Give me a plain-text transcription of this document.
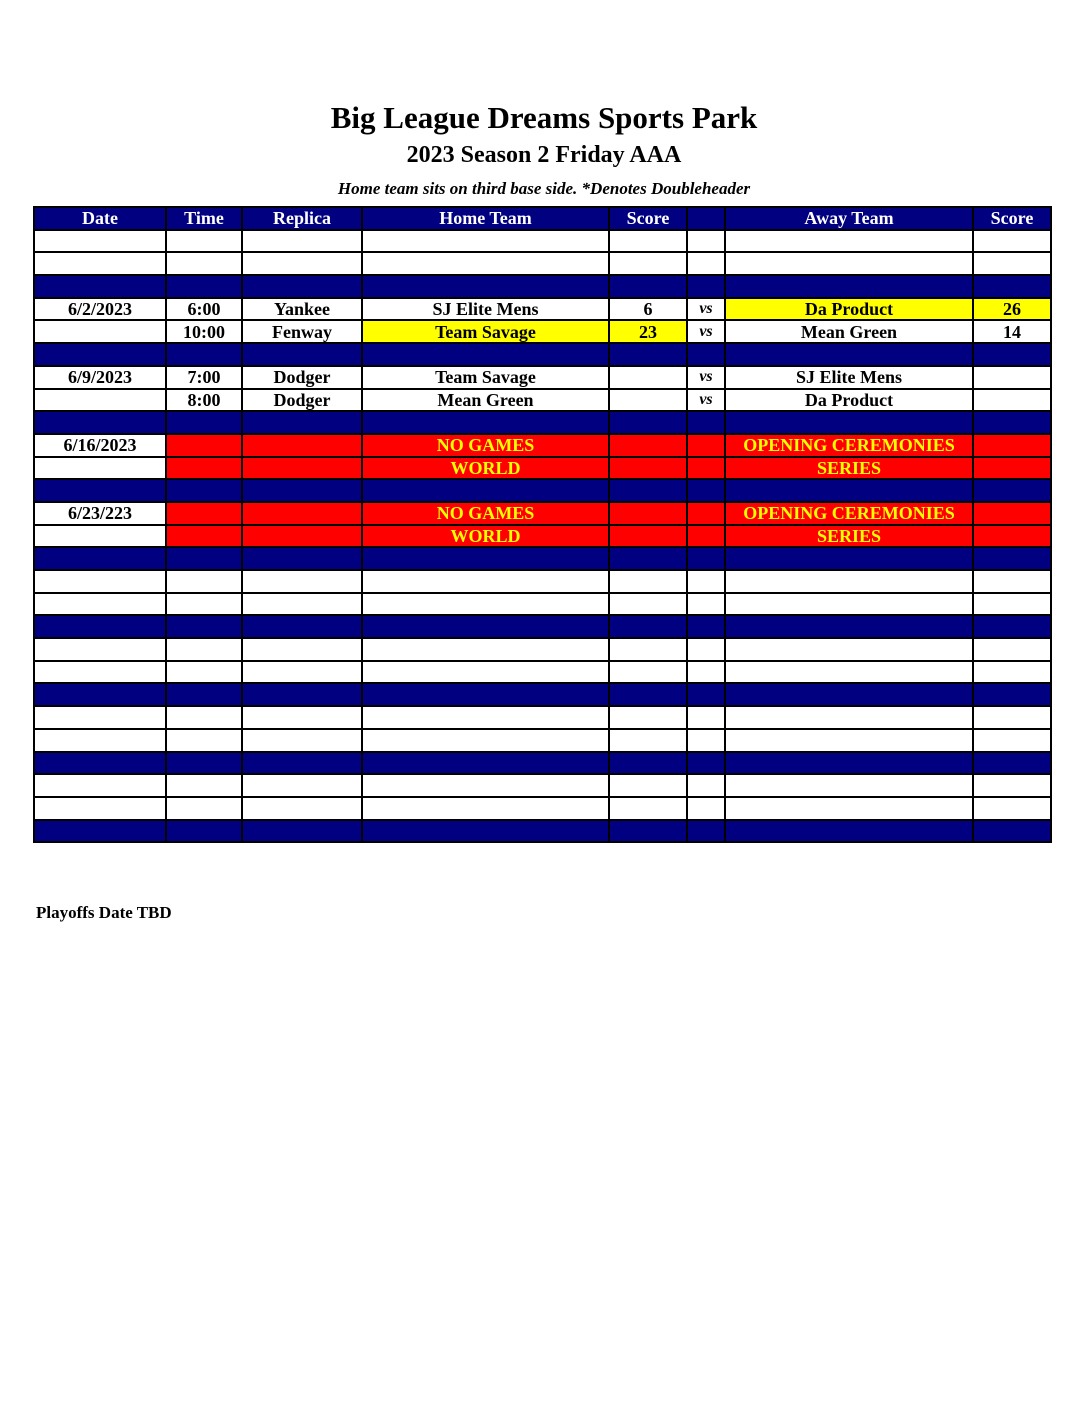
Big League Dreams Sports Park
2023 Season 2 Friday AAA
Home team sits on third base side. *Denotes Doubleheader
Date	Time	Replica	Home Team	Score		Away Team	Score

6/2/2023	6:00	Yankee	SJ Elite Mens	6	vs	Da Product	26
	10:00	Fenway	Team Savage	23	vs	Mean Green	14

6/9/2023	7:00	Dodger	Team Savage		vs	SJ Elite Mens	
	8:00	Dodger	Mean Green		vs	Da Product	

6/16/2023			NO GAMES			OPENING CEREMONIES	
			WORLD			SERIES	

6/23/223			NO GAMES			OPENING CEREMONIES	
			WORLD			SERIES	

Playoffs Date TBD
